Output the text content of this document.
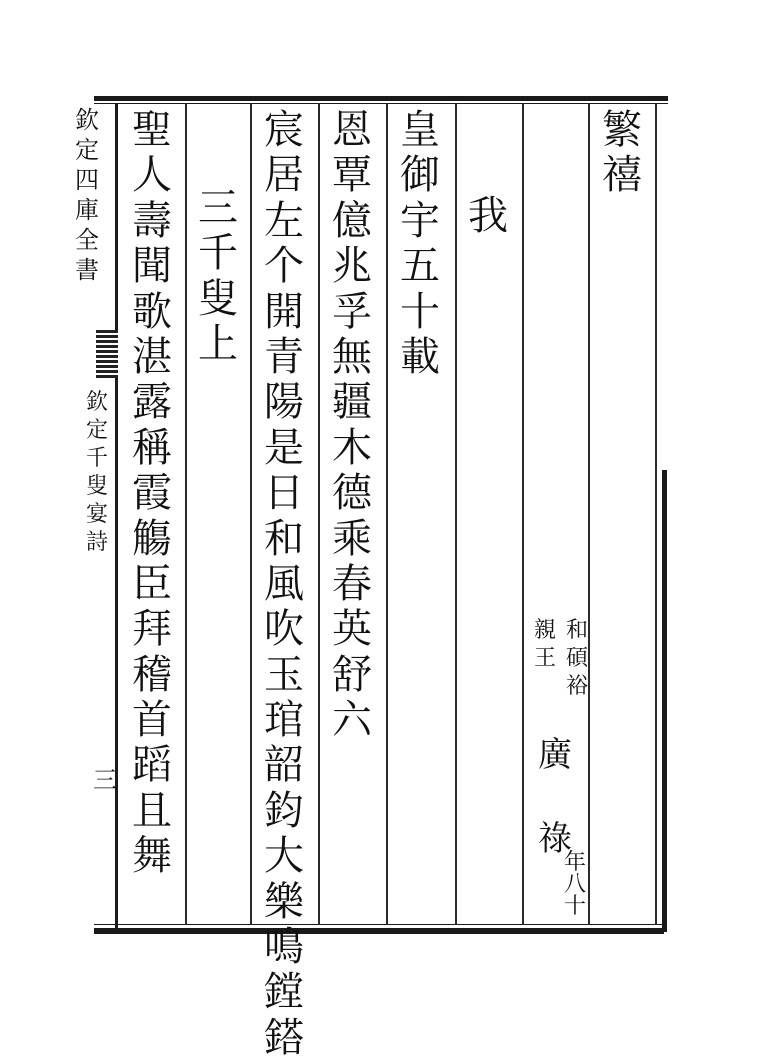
欽
定
四
庫
全
書
欽
定
千
叟
宴
詩
三
聖
人
壽
聞
歌
湛
露
稱
霞
觴
臣
拜
稽
首
蹈
且
舞
三
千
叟
上
宸
居
左
个
開
青
陽
是
日
和
風
吹
玉
琯
韶
鈞
大
樂
鳴
鏜
鎝
恩
覃
億
兆
孚
無
疆
木
德
乘
春
英
舒
六
皇
御
宇
五
十
載
我
和
碩
裕
親
王
廣
祿
年
八
十
繁
禧
